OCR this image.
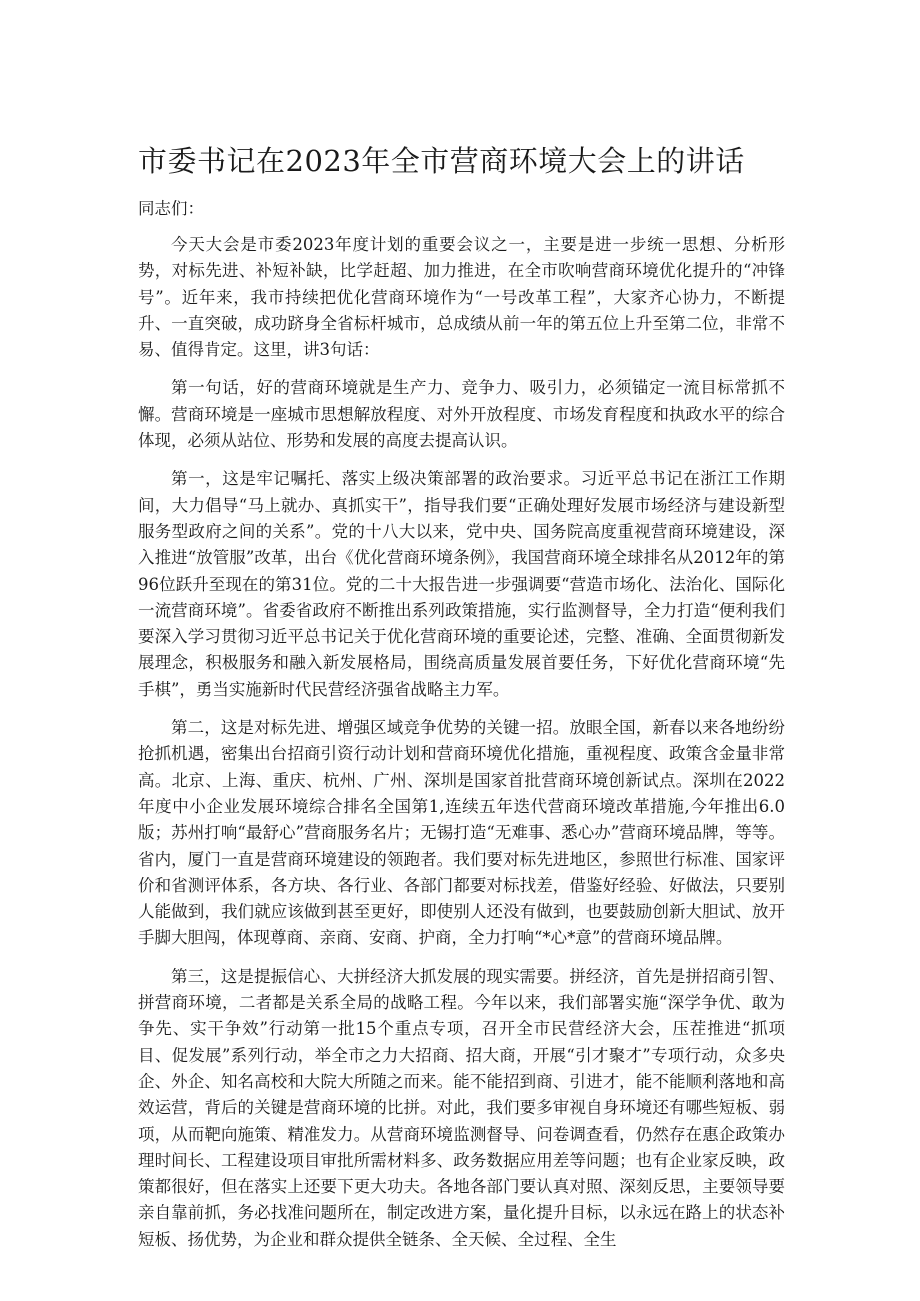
市委书记在2023年全市营商环境大会上的讲话

同志们：

今天大会是市委2023年度计划的重要会议之一，主要是进一步统一思想、分析形势，对标先进、补短补缺，比学赶超、加力推进，在全市吹响营商环境优化提升的“冲锋号”。近年来，我市持续把优化营商环境作为“一号改革工程”，大家齐心协力，不断提升、一直突破，成功跻身全省标杆城市，总成绩从前一年的第五位上升至第二位，非常不易、值得肯定。这里，讲3句话：

第一句话，好的营商环境就是生产力、竞争力、吸引力，必须锚定一流目标常抓不懈。营商环境是一座城市思想解放程度、对外开放程度、市场发育程度和执政水平的综合体现，必须从站位、形势和发展的高度去提高认识。

第一，这是牢记嘱托、落实上级决策部署的政治要求。习近平总书记在浙江工作期间，大力倡导“马上就办、真抓实干”，指导我们要“正确处理好发展市场经济与建设新型服务型政府之间的关系”。党的十八大以来，党中央、国务院高度重视营商环境建设，深入推进“放管服”改革，出台《优化营商环境条例》，我国营商环境全球排名从2012年的第96位跃升至现在的第31位。党的二十大报告进一步强调要“营造市场化、法治化、国际化一流营商环境”。省委省政府不断推出系列政策措施，实行监测督导，全力打造“便利我们要深入学习贯彻习近平总书记关于优化营商环境的重要论述，完整、准确、全面贯彻新发展理念，积极服务和融入新发展格局，围绕高质量发展首要任务，下好优化营商环境“先手棋”，勇当实施新时代民营经济强省战略主力军。

第二，这是对标先进、增强区域竞争优势的关键一招。放眼全国，新春以来各地纷纷抢抓机遇，密集出台招商引资行动计划和营商环境优化措施，重视程度、政策含金量非常高。北京、上海、重庆、杭州、广州、深圳是国家首批营商环境创新试点。深圳在2022年度中小企业发展环境综合排名全国第1,连续五年迭代营商环境改革措施,今年推出6.0版；苏州打响“最舒心”营商服务名片；无锡打造“无难事、悉心办”营商环境品牌，等等。省内，厦门一直是营商环境建设的领跑者。我们要对标先进地区，参照世行标准、国家评价和省测评体系，各方块、各行业、各部门都要对标找差，借鉴好经验、好做法，只要别人能做到，我们就应该做到甚至更好，即使别人还没有做到，也要鼓励创新大胆试、放开手脚大胆闯，体现尊商、亲商、安商、护商，全力打响“*心*意”的营商环境品牌。

第三，这是提振信心、大拼经济大抓发展的现实需要。拼经济，首先是拼招商引智、拼营商环境，二者都是关系全局的战略工程。今年以来，我们部署实施“深学争优、敢为争先、实干争效”行动第一批15个重点专项，召开全市民营经济大会，压茬推进“抓项目、促发展”系列行动，举全市之力大招商、招大商，开展“引才聚才”专项行动，众多央企、外企、知名高校和大院大所随之而来。能不能招到商、引进才，能不能顺利落地和高效运营，背后的关键是营商环境的比拼。对此，我们要多审视自身环境还有哪些短板、弱项，从而靶向施策、精准发力。从营商环境监测督导、问卷调查看，仍然存在惠企政策办理时间长、工程建设项目审批所需材料多、政务数据应用差等问题；也有企业家反映，政策都很好，但在落实上还要下更大功夫。各地各部门要认真对照、深刻反思，主要领导要亲自靠前抓，务必找准问题所在，制定改进方案，量化提升目标，以永远在路上的状态补短板、扬优势，为企业和群众提供全链条、全天候、全过程、全生
